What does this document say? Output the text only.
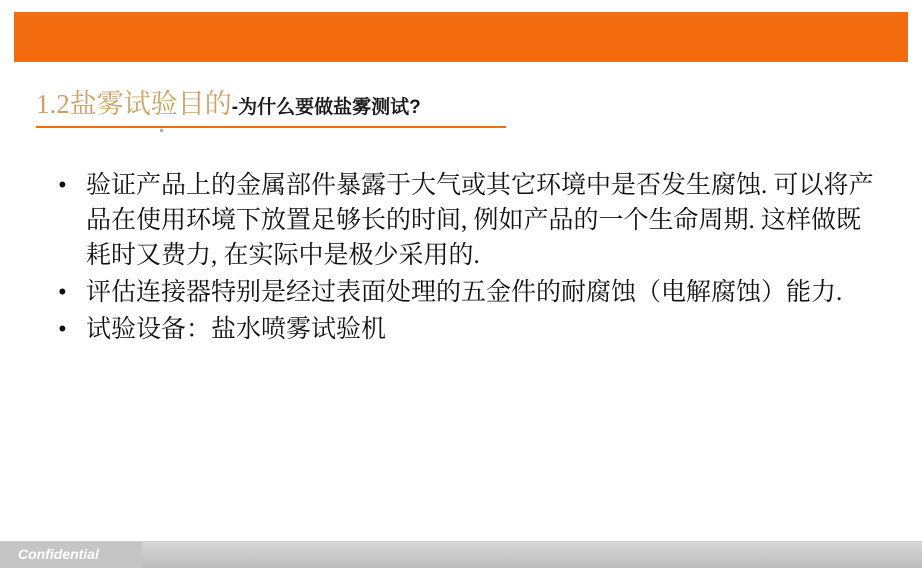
1.2 盐雾试验目的 - 为什么要做盐雾测试?
• 验证产品上的金属部件暴露于大气或其它环境中是否发生腐蚀. 可以将产品在使用环境下放置足够长的时间, 例如产品的一个生命周期. 这样做既耗时又费力, 在实际中是极少采用的.
• 评估连接器特别是经过表面处理的五金件的耐腐蚀（电解腐蚀）能力.
• 试验设备：盐水喷雾试验机
Confidential
